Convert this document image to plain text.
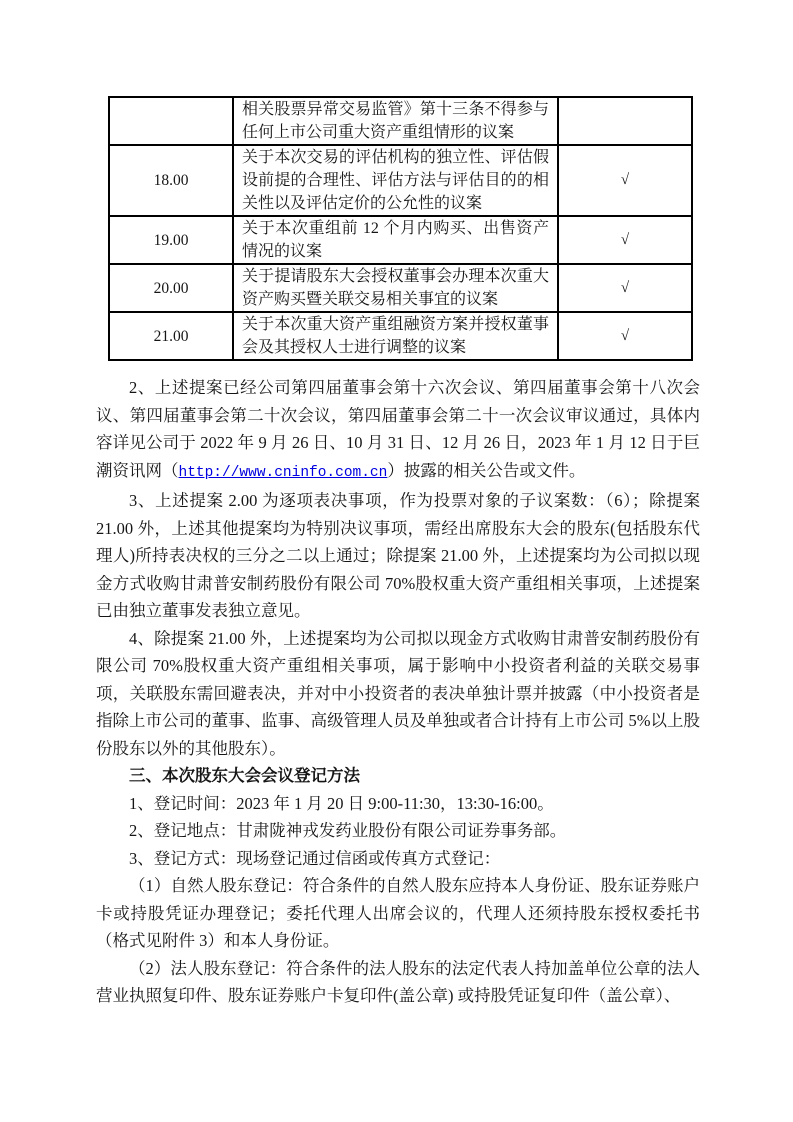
	相关股票异常交易监管》第十三条不得参与任何上市公司重大资产重组情形的议案	
18.00	关于本次交易的评估机构的独立性、评估假设前提的合理性、评估方法与评估目的的相关性以及评估定价的公允性的议案	√
19.00	关于本次重组前 12 个月内购买、出售资产情况的议案	√
20.00	关于提请股东大会授权董事会办理本次重大资产购买暨关联交易相关事宜的议案	√
21.00	关于本次重大资产重组融资方案并授权董事会及其授权人士进行调整的议案	√

2、上述提案已经公司第四届董事会第十六次会议、第四届董事会第十八次会议、第四届董事会第二十次会议，第四届董事会第二十一次会议审议通过，具体内容详见公司于 2022 年 9 月 26 日、10 月 31 日、12 月 26 日，2023 年 1 月 12 日于巨潮资讯网（http://www.cninfo.com.cn）披露的相关公告或文件。

3、上述提案 2.00 为逐项表决事项，作为投票对象的子议案数：（6）；除提案 21.00 外，上述其他提案均为特别决议事项，需经出席股东大会的股东(包括股东代理人)所持表决权的三分之二以上通过；除提案 21.00 外，上述提案均为公司拟以现金方式收购甘肃普安制药股份有限公司 70%股权重大资产重组相关事项，上述提案已由独立董事发表独立意见。

4、除提案 21.00 外，上述提案均为公司拟以现金方式收购甘肃普安制药股份有限公司 70%股权重大资产重组相关事项，属于影响中小投资者利益的关联交易事项，关联股东需回避表决，并对中小投资者的表决单独计票并披露（中小投资者是指除上市公司的董事、监事、高级管理人员及单独或者合计持有上市公司 5%以上股份股东以外的其他股东）。

三、本次股东大会会议登记方法

1、登记时间：2023 年 1 月 20 日 9:00-11:30，13:30-16:00。

2、登记地点：甘肃陇神戎发药业股份有限公司证券事务部。

3、登记方式：现场登记通过信函或传真方式登记：

（1）自然人股东登记：符合条件的自然人股东应持本人身份证、股东证券账户卡或持股凭证办理登记；委托代理人出席会议的，代理人还须持股东授权委托书（格式见附件 3）和本人身份证。

（2）法人股东登记：符合条件的法人股东的法定代表人持加盖单位公章的法人营业执照复印件、股东证券账户卡复印件(盖公章) 或持股凭证复印件（盖公章）、
